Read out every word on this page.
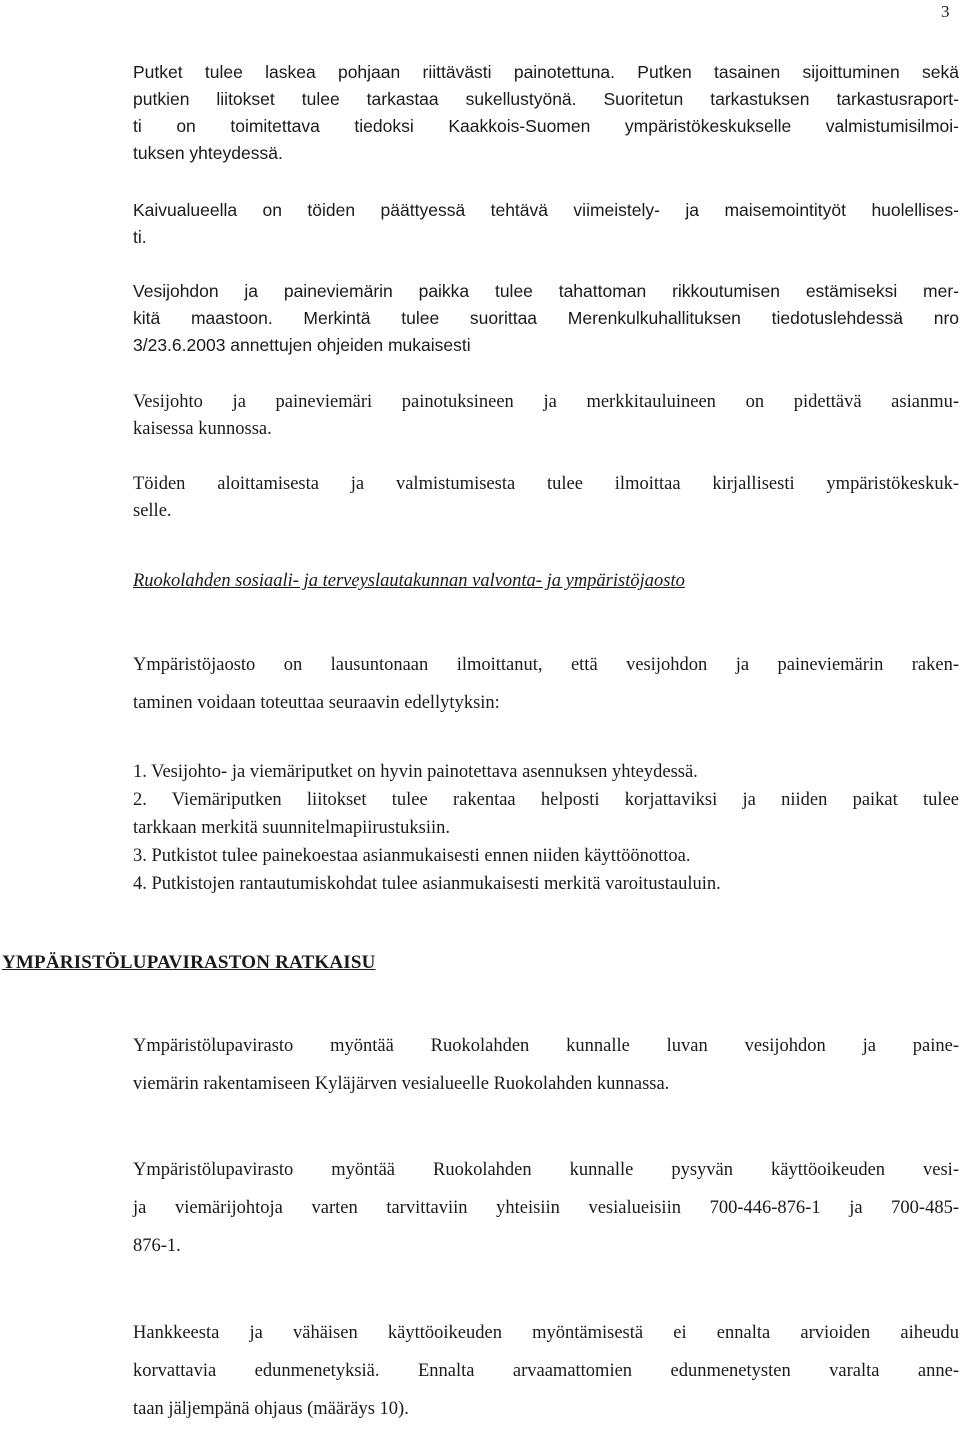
3
Putket tulee laskea pohjaan riittävästi painotettuna. Putken tasainen sijoittuminen sekä
putkien liitokset tulee tarkastaa sukellustyönä. Suoritetun tarkastuksen tarkastusraport-
ti on toimitettava tiedoksi Kaakkois-Suomen ympäristökeskukselle valmistumisilmoi-
tuksen yhteydessä.
Kaivualueella on töiden päättyessä tehtävä viimeistely- ja maisemointityöt huolellises-
ti.
Vesijohdon ja paineviemärin paikka tulee tahattoman rikkoutumisen estämiseksi mer-
kitä maastoon. Merkintä tulee suorittaa Merenkulkuhallituksen tiedotuslehdessä nro
3/23.6.2003 annettujen ohjeiden mukaisesti
Vesijohto ja paineviemäri painotuksineen ja merkkitauluineen on pidettävä asianmu-
kaisessa kunnossa.
Töiden aloittamisesta ja valmistumisesta tulee ilmoittaa kirjallisesti ympäristökeskuk-
selle.
Ruokolahden sosiaali- ja terveyslautakunnan valvonta- ja ympäristöjaosto
Ympäristöjaosto on lausuntonaan ilmoittanut, että vesijohdon ja paineviemärin raken-
taminen voidaan toteuttaa seuraavin edellytyksin:
1. Vesijohto- ja viemäriputket on hyvin painotettava asennuksen yhteydessä.
2. Viemäriputken liitokset tulee rakentaa helposti korjattaviksi ja niiden paikat tulee
tarkkaan merkitä suunnitelmapiirustuksiin.
3. Putkistot tulee painekoestaa asianmukaisesti ennen niiden käyttöönottoa.
4. Putkistojen rantautumiskohdat tulee asianmukaisesti merkitä varoitustauluin.
YMPÄRISTÖLUPAVIRASTON RATKAISU
Ympäristölupavirasto myöntää Ruokolahden kunnalle luvan vesijohdon ja paine-
viemärin rakentamiseen Kyläjärven vesialueelle Ruokolahden kunnassa.
Ympäristölupavirasto myöntää Ruokolahden kunnalle pysyvän käyttöoikeuden vesi-
ja viemärijohtoja varten tarvittaviin yhteisiin vesialueisiin 700-446-876-1 ja 700-485-
876-1.
Hankkeesta ja vähäisen käyttöoikeuden myöntämisestä ei ennalta arvioiden aiheudu
korvattavia edunmenetyksiä. Ennalta arvaamattomien edunmenetysten varalta anne-
taan jäljempänä ohjaus (määräys 10).
